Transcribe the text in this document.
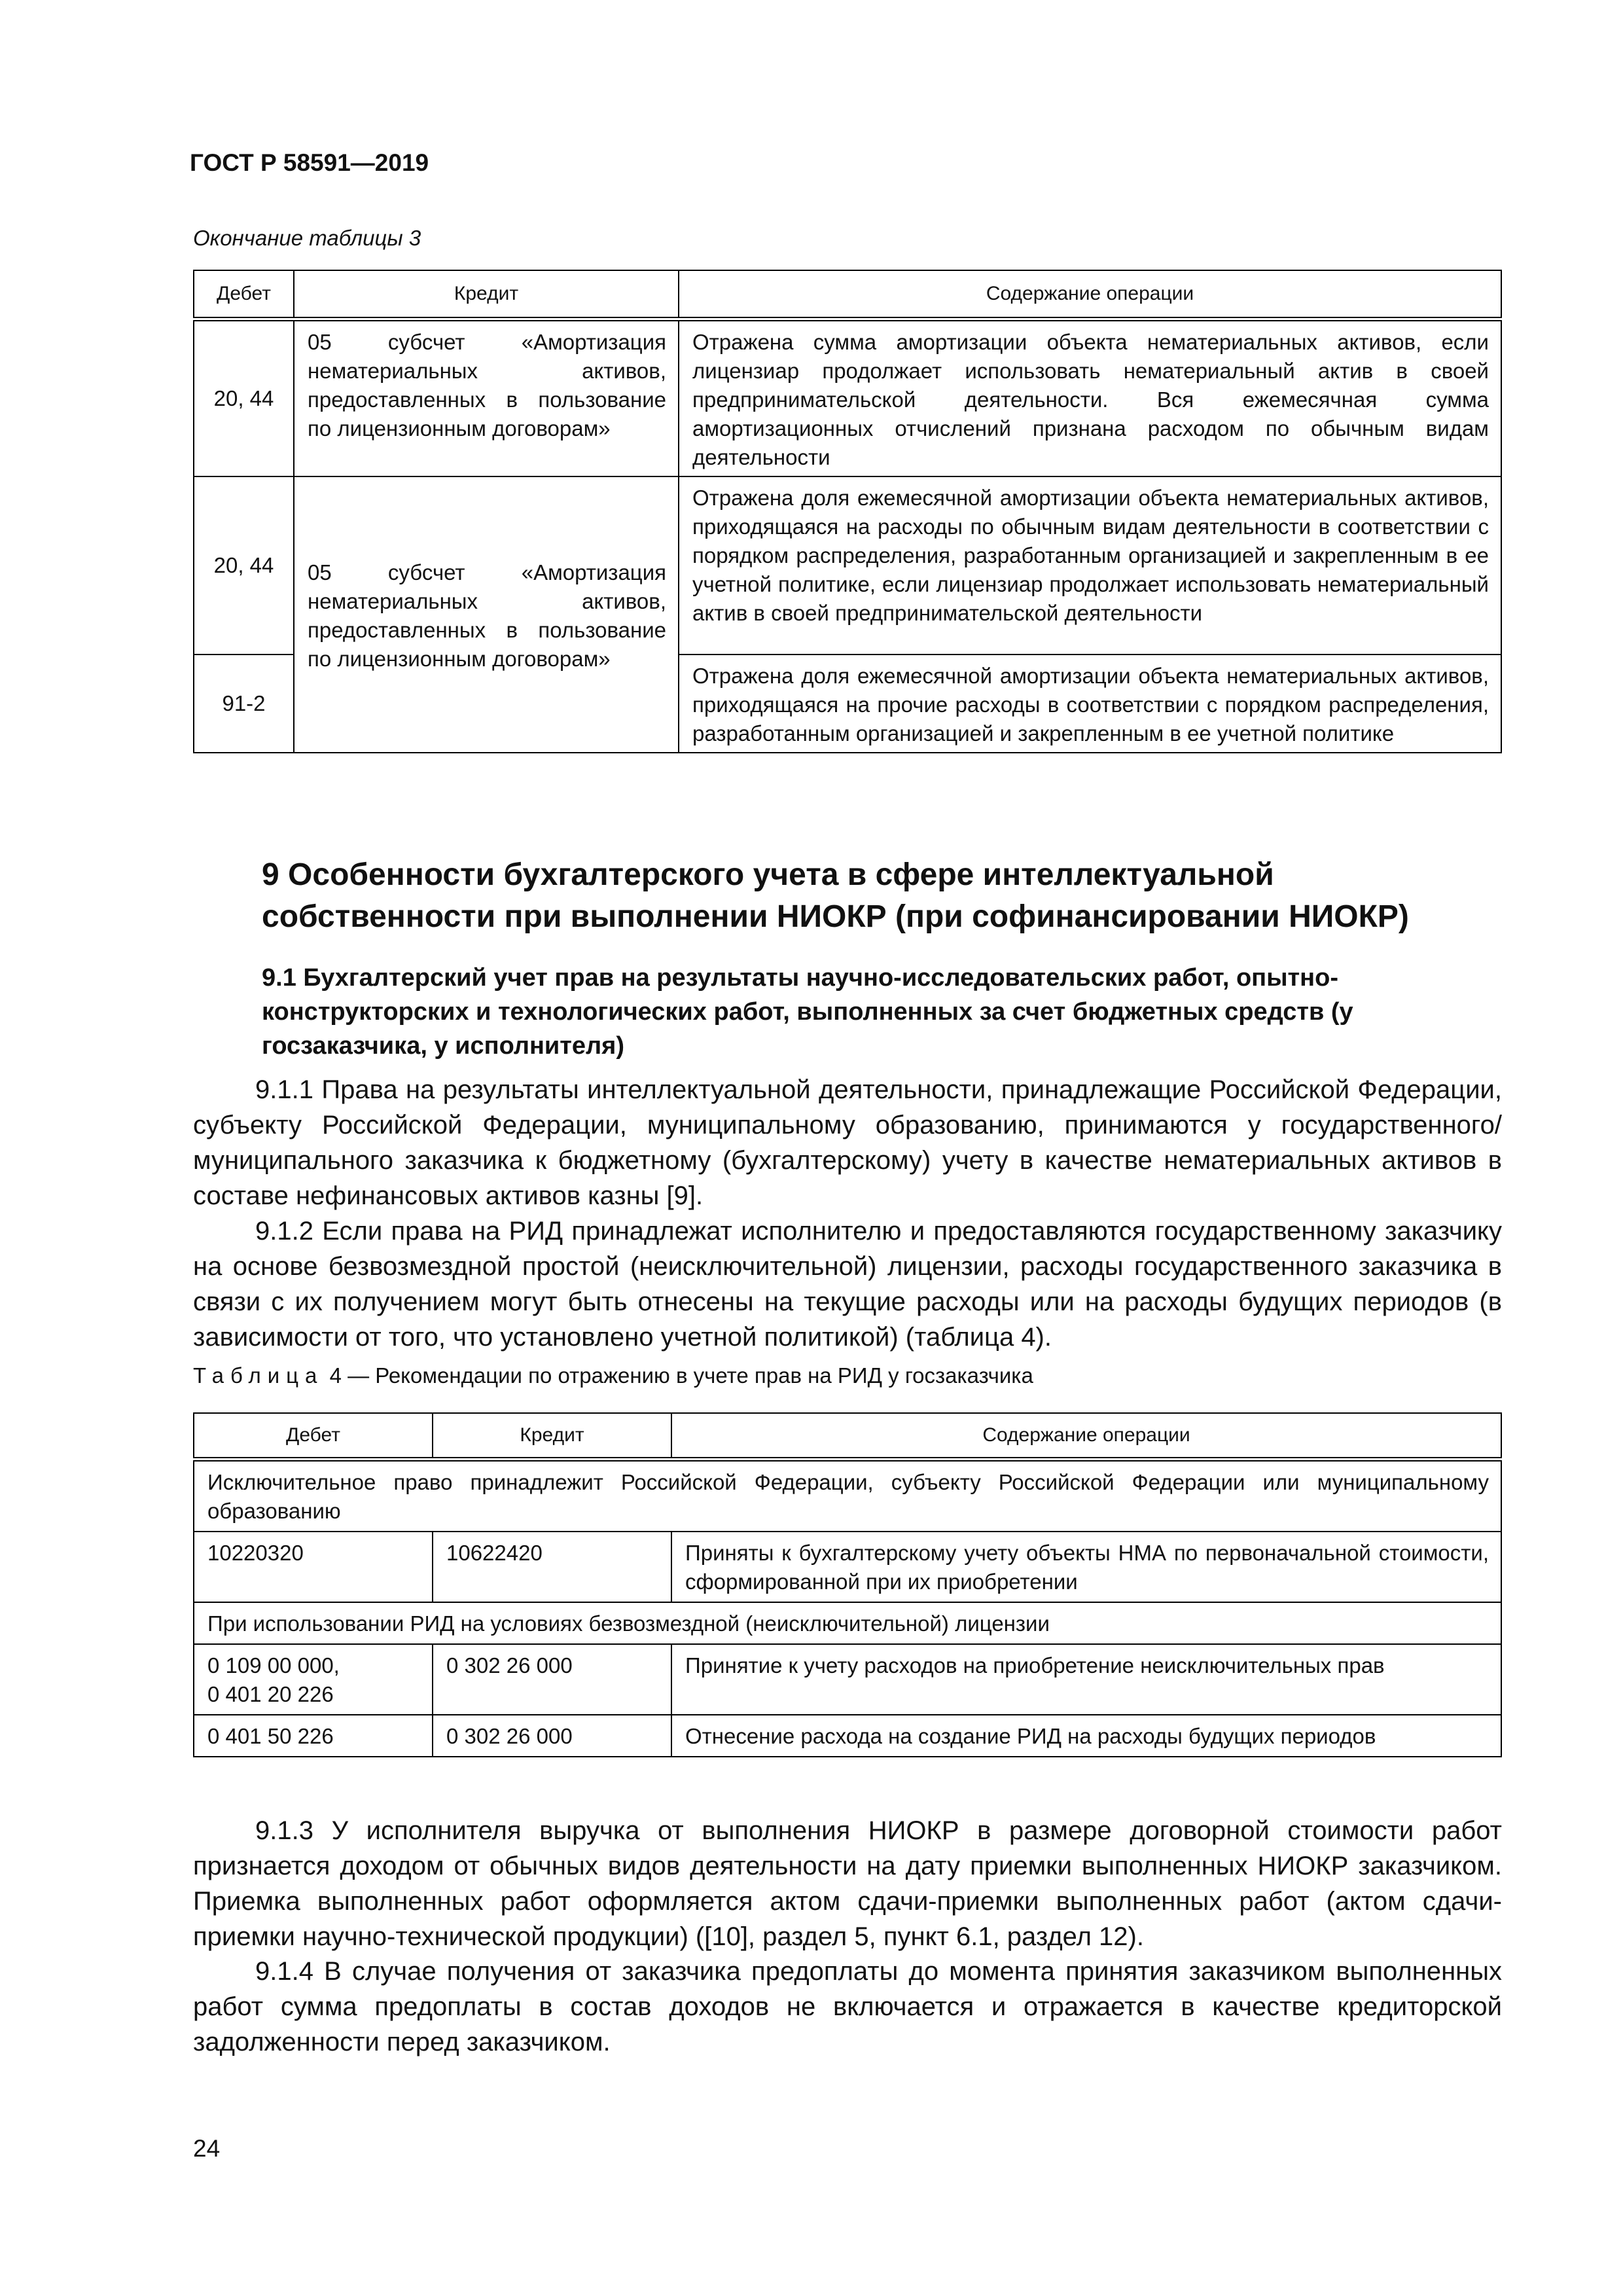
ГОСТ Р 58591—2019
Окончание таблицы 3
Дебет	Кредит	Содержание операции
20, 44	05 субсчет «Амортизация нематериальных активов, предоставленных в пользование по лицензионным договорам»	Отражена сумма амортизации объекта нематериальных активов, если лицензиар продолжает использовать нематериальный актив в своей предпринимательской деятельности. Вся ежемесячная сумма амортизационных отчислений признана расходом по обычным видам деятельности
20, 44	05 субсчет «Амортизация нематериальных активов, предоставленных в пользование по лицензионным договорам»	Отражена доля ежемесячной амортизации объекта нематериальных активов, приходящаяся на расходы по обычным видам деятельности в соответствии с порядком распределения, разработанным организацией и закрепленным в ее учетной политике, если лицензиар продолжает использовать нематериальный актив в своей предпринимательской деятельности
91-2		Отражена доля ежемесячной амортизации объекта нематериальных активов, приходящаяся на прочие расходы в соответствии с порядком распределения, разработанным организацией и закрепленным в ее учетной политике
9 Особенности бухгалтерского учета в сфере интеллектуальной собственности при выполнении НИОКР (при софинансировании НИОКР)
9.1 Бухгалтерский учет прав на результаты научно-исследовательских работ, опытно-конструкторских и технологических работ, выполненных за счет бюджетных средств (у госзаказчика, у исполнителя)
9.1.1 Права на результаты интеллектуальной деятельности, принадлежащие Российской Федерации, субъекту Российской Федерации, муниципальному образованию, принимаются у государственного/муниципального заказчика к бюджетному (бухгалтерскому) учету в качестве нематериальных активов в составе нефинансовых активов казны [9].
9.1.2 Если права на РИД принадлежат исполнителю и предоставляются государственному заказчику на основе безвозмездной простой (неисключительной) лицензии, расходы государственного заказчика в связи с их получением могут быть отнесены на текущие расходы или на расходы будущих периодов (в зависимости от того, что установлено учетной политикой) (таблица 4).
Таблица 4 — Рекомендации по отражению в учете прав на РИД у госзаказчика
Дебет	Кредит	Содержание операции
Исключительное право принадлежит Российской Федерации, субъекту Российской Федерации или муниципальному образованию		
10220320	10622420	Приняты к бухгалтерскому учету объекты НМА по первоначальной стоимости, сформированной при их приобретении
При использовании РИД на условиях безвозмездной (неисключительной) лицензии		
0 109 00 000,
0 401 20 226	0 302 26 000	Принятие к учету расходов на приобретение неисключительных прав
0 401 50 226	0 302 26 000	Отнесение расхода на создание РИД на расходы будущих периодов
9.1.3 У исполнителя выручка от выполнения НИОКР в размере договорной стоимости работ признается доходом от обычных видов деятельности на дату приемки выполненных НИОКР заказчиком. Приемка выполненных работ оформляется актом сдачи-приемки выполненных работ (актом сдачи-приемки научно-технической продукции) ([10], раздел 5, пункт 6.1, раздел 12).
9.1.4 В случае получения от заказчика предоплаты до момента принятия заказчиком выполненных работ сумма предоплаты в состав доходов не включается и отражается в качестве кредиторской задолженности перед заказчиком.
24
